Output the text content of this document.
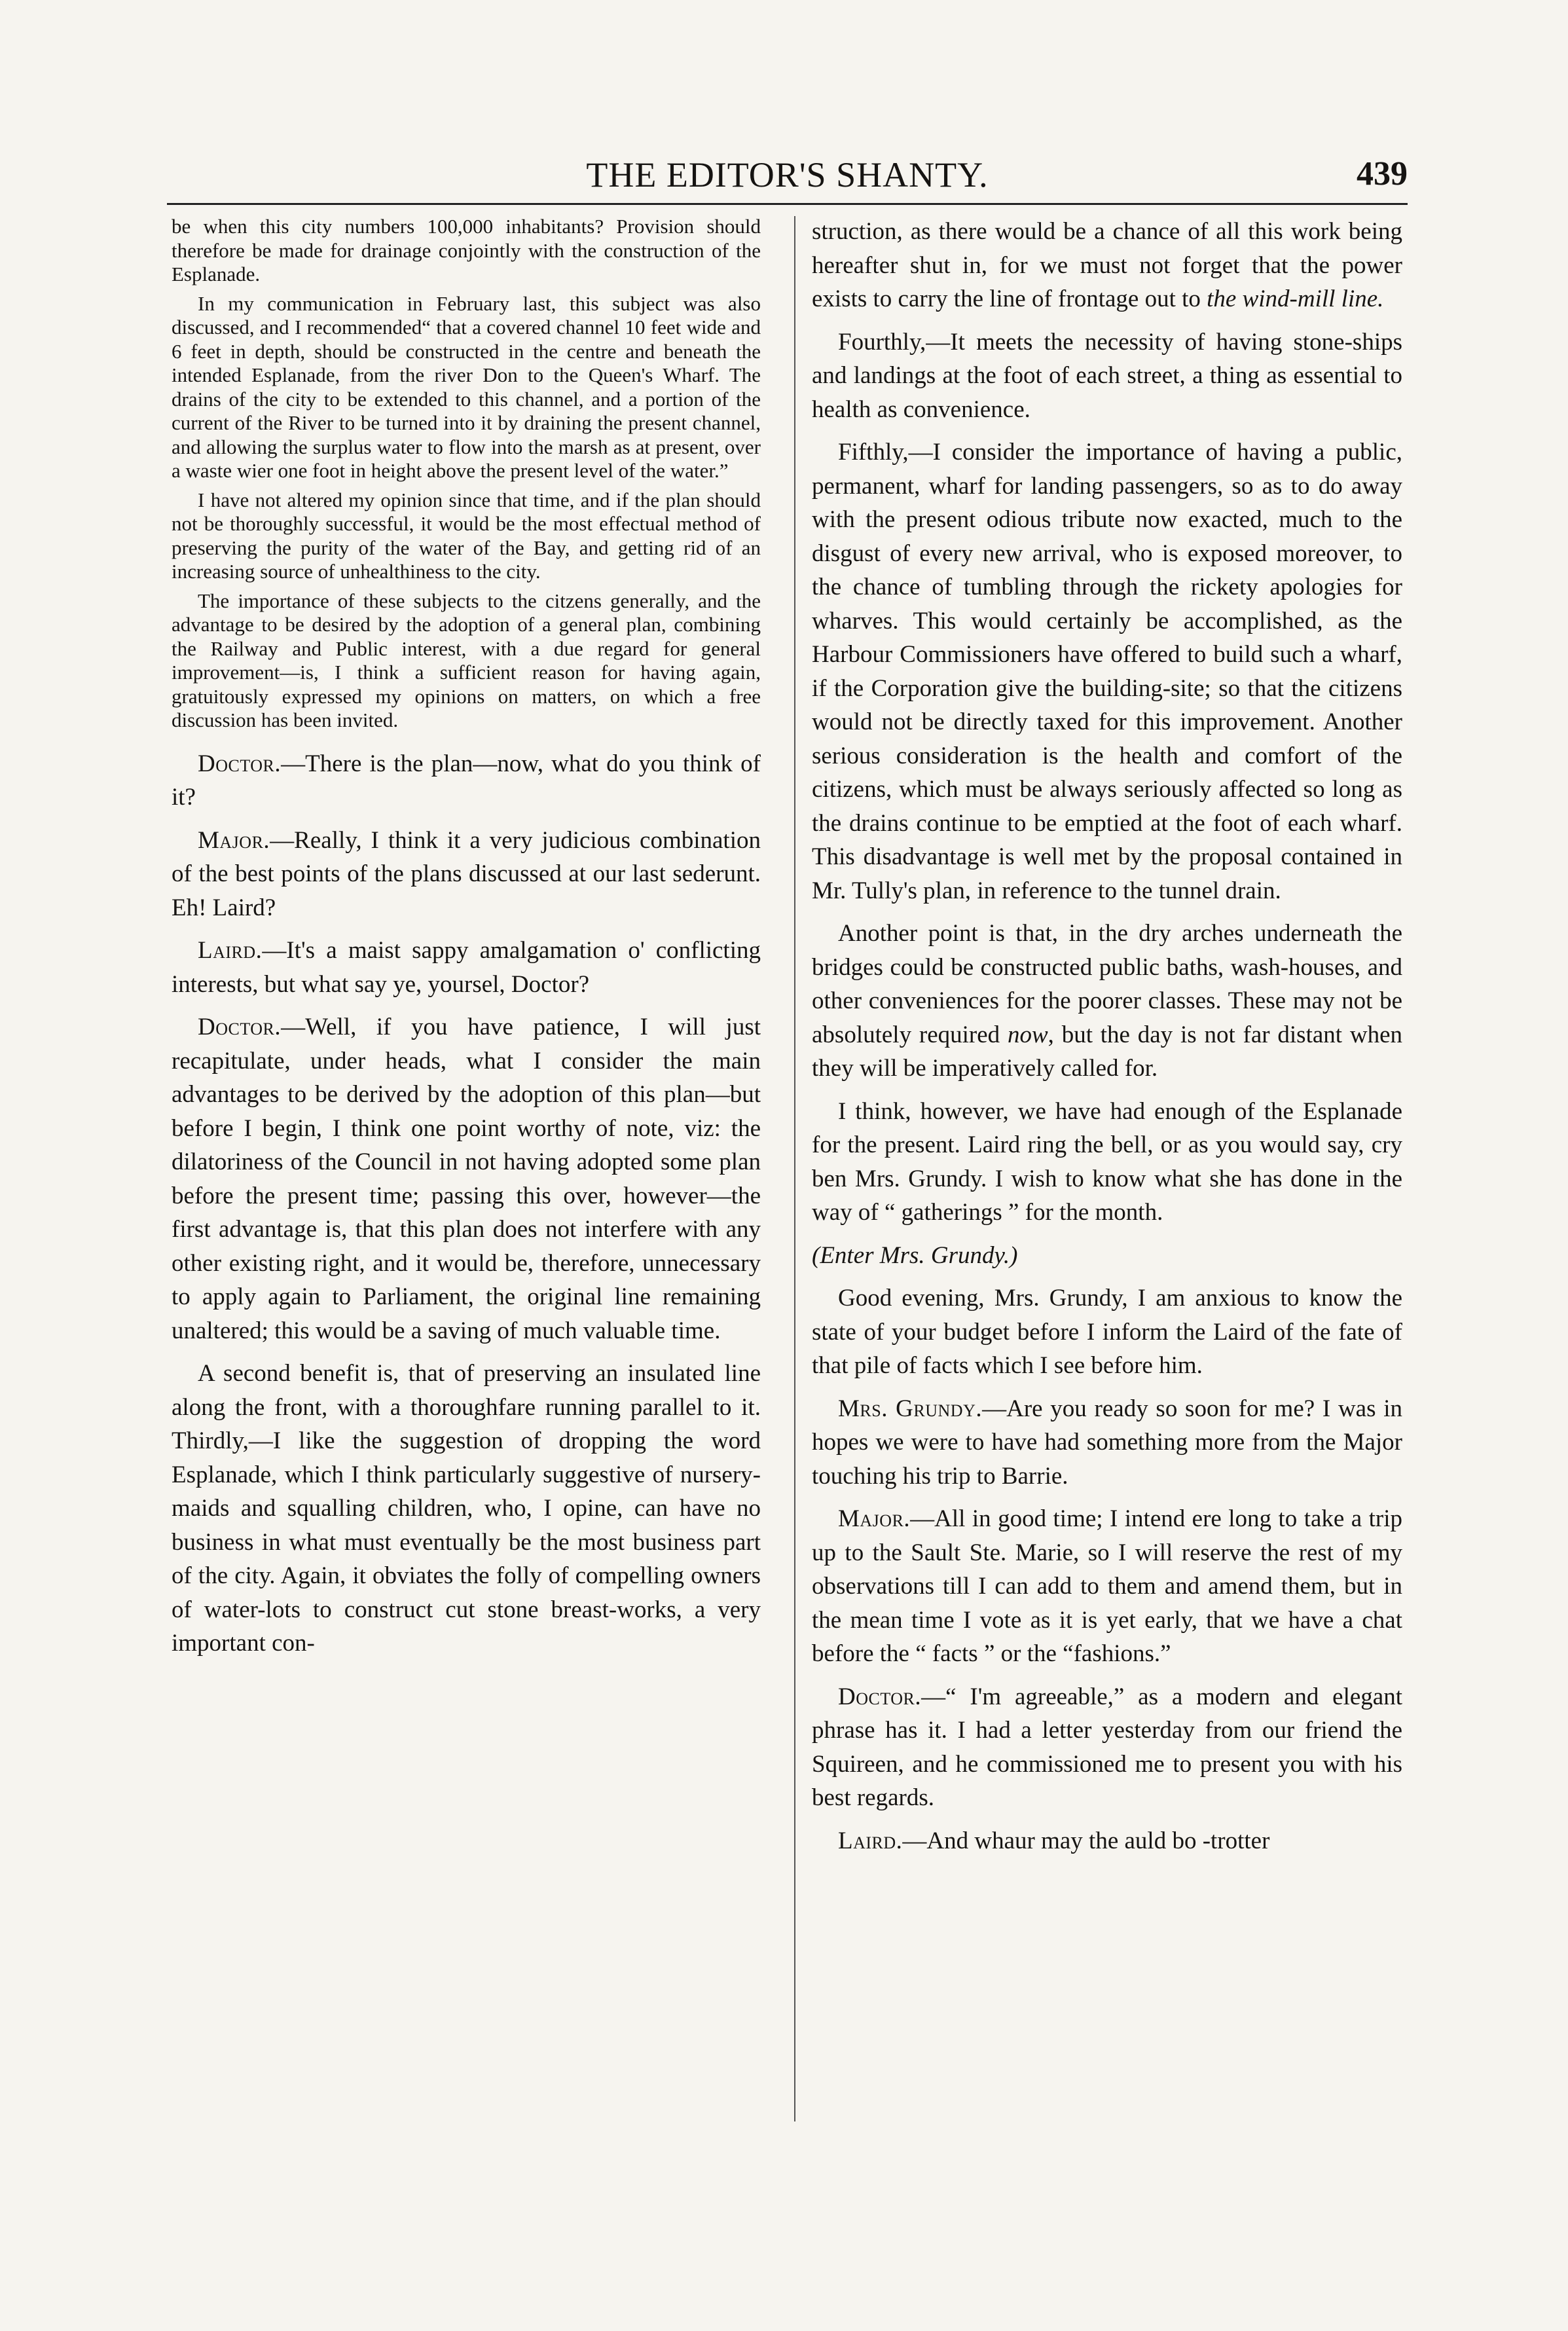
THE EDITOR'S SHANTY.	439

be when this city numbers 100,000 inhabitants? Provision should therefore be made for drainage conjointly with the construction of the Esplanade.

In my communication in February last, this subject was also discussed, and I recommended“ that a covered channel 10 feet wide and 6 feet in depth, should be constructed in the centre and beneath the intended Esplanade, from the river Don to the Queen's Wharf. The drains of the city to be extended to this channel, and a portion of the current of the River to be turned into it by draining the present channel, and allowing the surplus water to flow into the marsh as at present, over a waste wier one foot in height above the present level of the water.”

I have not altered my opinion since that time, and if the plan should not be thoroughly successful, it would be the most effectual method of preserving the purity of the water of the Bay, and getting rid of an increasing source of unhealthiness to the city.

The importance of these subjects to the citzens generally, and the advantage to be desired by the adoption of a general plan, combining the Railway and Public interest, with a due regard for general improvement—is, I think a sufficient reason for having again, gratuitously expressed my opinions on matters, on which a free discussion has been invited.

Doctor.—There is the plan—now, what do you think of it?

Major.—Really, I think it a very judicious combination of the best points of the plans discussed at our last sederunt. Eh! Laird?

Laird.—It's a maist sappy amalgamation o' conflicting interests, but what say ye, yoursel, Doctor?

Doctor.—Well, if you have patience, I will just recapitulate, under heads, what I consider the main advantages to be derived by the adoption of this plan—but before I begin, I think one point worthy of note, viz: the dilatoriness of the Council in not having adopted some plan before the present time; passing this over, however—the first advantage is, that this plan does not interfere with any other existing right, and it would be, therefore, unnecessary to apply again to Parliament, the original line remaining unaltered; this would be a saving of much valuable time.

A second benefit is, that of preserving an insulated line along the front, with a thoroughfare running parallel to it. Thirdly,—I like the suggestion of dropping the word Esplanade, which I think particularly suggestive of nursery-maids and squalling children, who, I opine, can have no business in what must eventually be the most business part of the city. Again, it obviates the folly of compelling owners of water-lots to construct cut stone breast-works, a very important con-

struction, as there would be a chance of all this work being hereafter shut in, for we must not forget that the power exists to carry the line of frontage out to the wind-mill line.

Fourthly,—It meets the necessity of having stone-ships and landings at the foot of each street, a thing as essential to health as convenience.

Fifthly,—I consider the importance of having a public, permanent, wharf for landing passengers, so as to do away with the present odious tribute now exacted, much to the disgust of every new arrival, who is exposed moreover, to the chance of tumbling through the rickety apologies for wharves. This would certainly be accomplished, as the Harbour Commissioners have offered to build such a wharf, if the Corporation give the building-site; so that the citizens would not be directly taxed for this improvement. Another serious consideration is the health and comfort of the citizens, which must be always seriously affected so long as the drains continue to be emptied at the foot of each wharf. This disadvantage is well met by the proposal contained in Mr. Tully's plan, in reference to the tunnel drain.

Another point is that, in the dry arches underneath the bridges could be constructed public baths, wash-houses, and other conveniences for the poorer classes. These may not be absolutely required now, but the day is not far distant when they will be imperatively called for.

I think, however, we have had enough of the Esplanade for the present. Laird ring the bell, or as you would say, cry ben Mrs. Grundy. I wish to know what she has done in the way of “ gatherings ” for the month.

(Enter Mrs. Grundy.)

Good evening, Mrs. Grundy, I am anxious to know the state of your budget before I inform the Laird of the fate of that pile of facts which I see before him.

Mrs. Grundy.—Are you ready so soon for me? I was in hopes we were to have had something more from the Major touching his trip to Barrie.

Major.—All in good time; I intend ere long to take a trip up to the Sault Ste. Marie, so I will reserve the rest of my observations till I can add to them and amend them, but in the mean time I vote as it is yet early, that we have a chat before the “ facts ” or the “fashions.”

Doctor.—“ I'm agreeable,” as a modern and elegant phrase has it. I had a letter yesterday from our friend the Squireen, and he commissioned me to present you with his best regards.

Laird.—And whaur may the auld bo -trotter
